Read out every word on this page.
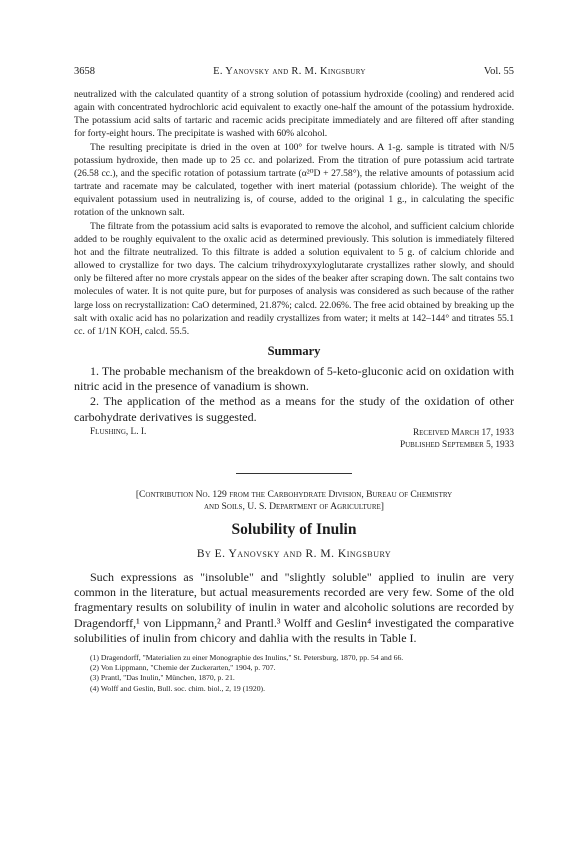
3658	E. Yanovsky and R. M. Kingsbury	Vol. 55

neutralized with the calculated quantity of a strong solution of potassium hydroxide (cooling) and rendered acid again with concentrated hydrochloric acid equivalent to exactly one-half the amount of the potassium hydroxide. The potassium acid salts of tartaric and racemic acids precipitate immediately and are filtered off after standing for forty-eight hours. The precipitate is washed with 60% alcohol.

The resulting precipitate is dried in the oven at 100° for twelve hours. A 1-g. sample is titrated with N/5 potassium hydroxide, then made up to 25 cc. and polarized. From the titration of pure potassium acid tartrate (26.58 cc.), and the specific rotation of potassium tartrate (α²⁰D + 27.58°), the relative amounts of potassium acid tartrate and racemate may be calculated, together with inert material (potassium chloride). The weight of the equivalent potassium used in neutralizing is, of course, added to the original 1 g., in calculating the specific rotation of the unknown salt.

The filtrate from the potassium acid salts is evaporated to remove the alcohol, and sufficient calcium chloride added to be roughly equivalent to the oxalic acid as determined previously. This solution is immediately filtered hot and the filtrate neutralized. To this filtrate is added a solution equivalent to 5 g. of calcium chloride and allowed to crystallize for two days. The calcium trihydroxyxyloglutarate crystallizes rather slowly, and should only be filtered after no more crystals appear on the sides of the beaker after scraping down. The salt contains two molecules of water. It is not quite pure, but for purposes of analysis was considered as such because of the rather large loss on recrystallization: CaO determined, 21.87%; calcd. 22.06%. The free acid obtained by breaking up the salt with oxalic acid has no polarization and readily crystallizes from water; it melts at 142–144° and titrates 55.1 cc. of 1/1N KOH, calcd. 55.5.

Summary

1. The probable mechanism of the breakdown of 5-keto-gluconic acid on oxidation with nitric acid in the presence of vanadium is shown.

2. The application of the method as a means for the study of the oxidation of other carbohydrate derivatives is suggested.

Flushing, L. I.	Received March 17, 1933
Published September 5, 1933
[Contribution No. 129 from the Carbohydrate Division, Bureau of Chemistry
and Soils, U. S. Department of Agriculture]
Solubility of Inulin
By E. Yanovsky and R. M. Kingsbury

Such expressions as "insoluble" and "slightly soluble" applied to inulin are very common in the literature, but actual measurements recorded are very few. Some of the old fragmentary results on solubility of inulin in water and alcoholic solutions are recorded by Dragendorff,¹ von Lippmann,² and Prantl.³ Wolff and Geslin⁴ investigated the comparative solubilities of inulin from chicory and dahlia with the results in Table I.

(1) Dragendorff, "Materialien zu einer Monographie des Inulins," St. Petersburg, 1870, pp. 54 and 66.
(2) Von Lippmann, "Chemie der Zuckerarten," 1904, p. 707.
(3) Prantl, "Das Inulin," München, 1870, p. 21.
(4) Wolff and Geslin, Bull. soc. chim. biol., 2, 19 (1920).
